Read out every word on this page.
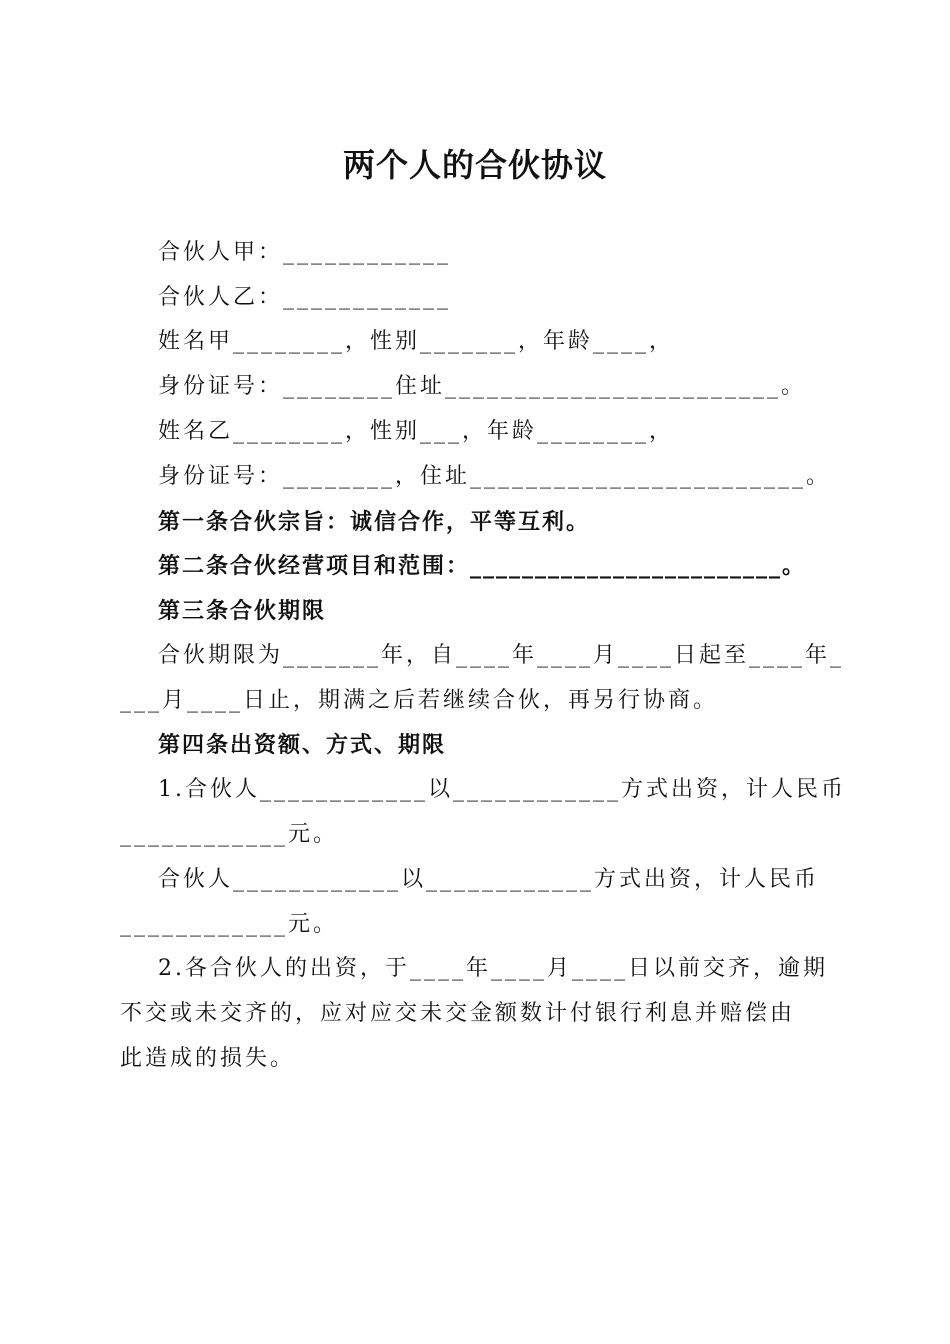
两个人的合伙协议
合伙人甲：____________
合伙人乙：____________
姓名甲________，性别_______，年龄____，
身份证号：________住址________________________。
姓名乙________，性别___，年龄________，
身份证号：________，住址________________________。
第一条合伙宗旨：诚信合作，平等互利。
第二条合伙经营项目和范围：________________________。
第三条合伙期限
合伙期限为_______年，自____年____月____日起至____年_
___月____日止，期满之后若继续合伙，再另行协商。
第四条出资额、方式、期限
1.合伙人____________以____________方式出资，计人民币
____________元。
合伙人____________以____________方式出资，计人民币
____________元。
2.各合伙人的出资，于____年____月____日以前交齐，逾期
不交或未交齐的，应对应交未交金额数计付银行利息并赔偿由
此造成的损失。
